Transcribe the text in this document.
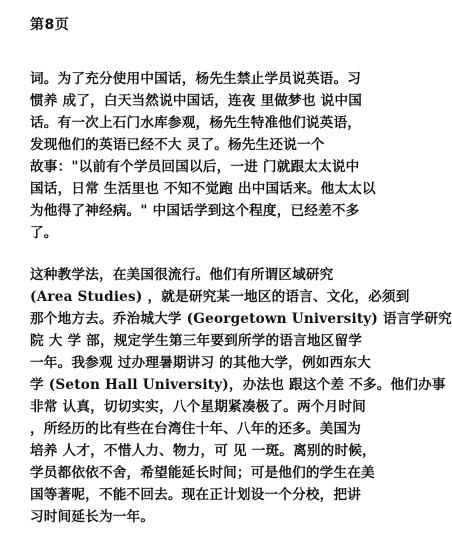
第8页
词。为了充分使用中国话，杨先生禁止学员说英语。习
惯养 成了，白天当然说中国话，连夜 里做梦也 说中国
话。有一次上石门水库参观，杨先生特准他们说英语，
发现他们的英语已经不大 灵了。杨先生还说一个
故事："以前有个学员回国以后，一进 门就跟太太说中
国话，日常 生活里也 不知不觉跑 出中国话来。他太太以
为他得了神经病。" 中国话学到这个程度，已经差不多
了。
这种教学法，在美国很流行。他们有所谓区域研究
(Area Studies) ，就是研究某一地区的语言、文化，必须到
那个地方去。乔治城大学 (Georgetown University) 语言学研究
院 大 学 部，规定学生第三年要到所学的语言地区留学
一年。我参观 过办理暑期讲习 的其他大学，例如西东大
学 (Seton Hall University)，办法也 跟这个差 不多。他们办事
非常 认真，切切实实，八个星期紧凑极了。两个月时间
，所经历的比有些在台湾住十年、八年的还多。美国为
培养 人才，不惜人力、物力，可 见 一斑。离别的时候，
学员都依依不舍，希望能延长时间；可是他们的学生在美
国等著呢，不能不回去。现在正计划设一个分校，把讲
习时间延长为一年。
